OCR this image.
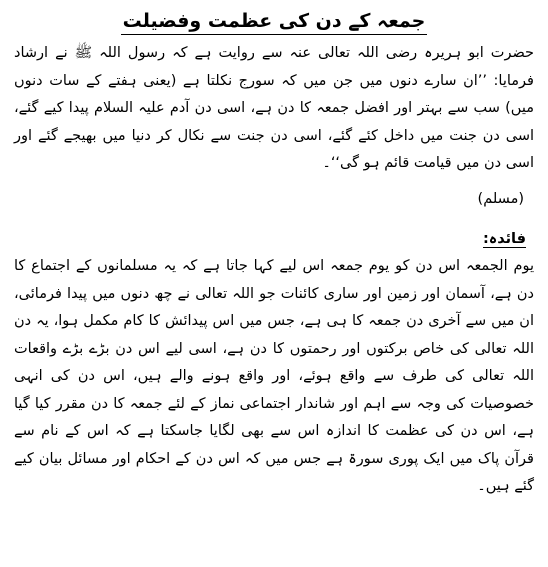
جمعہ کے دن کی عظمت وفضیلت

حضرت ابو ہریرہ رضی اللہ تعالی عنہ سے روایت ہے کہ رسول اللہ ﷺ نے ارشاد فرمایا: ’’ان سارے دنوں میں جن میں کہ سورج نکلتا ہے (یعنی ہفتے کے سات دنوں میں) سب سے بہتر اور افضل جمعہ کا دن ہے، اسی دن آدم علیہ السلام پیدا کیے گئے، اسی دن جنت میں داخل کئے گئے، اسی دن جنت سے نکال کر دنیا میں بھیجے گئے اور اسی دن میں قیامت قائم ہو گی‘‘۔

(مسلم)
فائدہ:

یوم الجمعہ اس دن کو یوم جمعہ اس لیے کہا جاتا ہے کہ یہ مسلمانوں کے اجتماع کا دن ہے، آسمان اور زمین اور ساری کائنات جو اللہ تعالی نے چھ دنوں میں پیدا فرمائی، ان میں سے آخری دن جمعہ کا ہی ہے، جس میں اس پیدائش کا کام مکمل ہوا، یہ دن اللہ تعالی کی خاص برکتوں اور رحمتوں کا دن ہے، اسی لیے اس دن بڑے بڑے واقعات اللہ تعالی کی طرف سے واقع ہوئے، اور واقع ہونے والے ہیں، اس دن کی انہی خصوصیات کی وجہ سے اہم اور شاندار اجتماعی نماز کے لئے جمعہ کا دن مقرر کیا گیا ہے، اس دن کی عظمت کا اندازہ اس سے بھی لگایا جاسکتا ہے کہ اس کے نام سے قرآن پاک میں ایک پوری سورۃ ہے جس میں کہ اس دن کے احکام اور مسائل بیان کیے گئے ہیں۔
